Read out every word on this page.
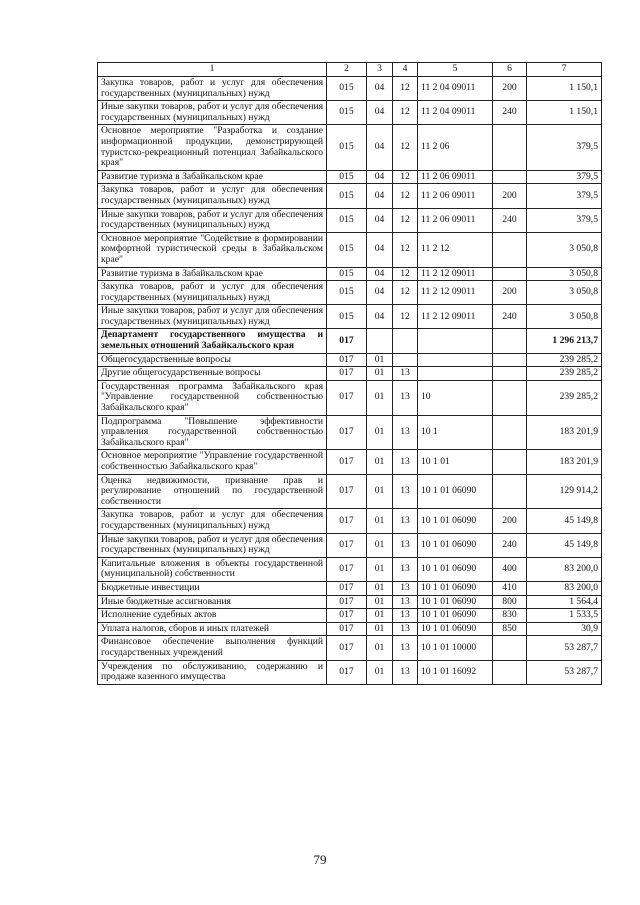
1	2	3	4	5	6	7
Закупка товаров, работ и услуг для обеспечения государственных (муниципальных) нужд	015	04	12	11 2 04 09011	200	1 150,1
Иные закупки товаров, работ и услуг для обеспечения государственных (муниципальных) нужд	015	04	12	11 2 04 09011	240	1 150,1
Основное мероприятие "Разработка и создание информационной продукции, демонстрирующей туристско-рекреационный потенциал Забайкальского края"	015	04	12	11 2 06		379,5
Развитие туризма в Забайкальском крае	015	04	12	11 2 06 09011		379,5
Закупка товаров, работ и услуг для обеспечения государственных (муниципальных) нужд	015	04	12	11 2 06 09011	200	379,5
Иные закупки товаров, работ и услуг для обеспечения государственных (муниципальных) нужд	015	04	12	11 2 06 09011	240	379,5
Основное мероприятие "Содействие в формировании комфортной туристической среды в Забайкальском крае"	015	04	12	11 2 12		3 050,8
Развитие туризма в Забайкальском крае	015	04	12	11 2 12 09011		3 050,8
Закупка товаров, работ и услуг для обеспечения государственных (муниципальных) нужд	015	04	12	11 2 12 09011	200	3 050,8
Иные закупки товаров, работ и услуг для обеспечения государственных (муниципальных) нужд	015	04	12	11 2 12 09011	240	3 050,8
Департамент государственного имущества и земельных отношений Забайкальского края	017					1 296 213,7
Общегосударственные вопросы	017	01				239 285,2
Другие общегосударственные вопросы	017	01	13			239 285,2
Государственная программа Забайкальского края "Управление государственной собственностью Забайкальского края"	017	01	13	10		239 285,2
Подпрограмма "Повышение эффективности управления государственной собственностью Забайкальского края"	017	01	13	10 1		183 201,9
Основное мероприятие "Управление государственной собственностью Забайкальского края"	017	01	13	10 1 01		183 201,9
Оценка недвижимости, признание прав и регулирование отношений по государственной собственности	017	01	13	10 1 01 06090		129 914,2
Закупка товаров, работ и услуг для обеспечения государственных (муниципальных) нужд	017	01	13	10 1 01 06090	200	45 149,8
Иные закупки товаров, работ и услуг для обеспечения государственных (муниципальных) нужд	017	01	13	10 1 01 06090	240	45 149,8
Капитальные вложения в объекты государственной (муниципальной) собственности	017	01	13	10 1 01 06090	400	83 200,0
Бюджетные инвестиции	017	01	13	10 1 01 06090	410	83 200,0
Иные бюджетные ассигнования	017	01	13	10 1 01 06090	800	1 564,4
Исполнение судебных актов	017	01	13	10 1 01 06090	830	1 533,5
Уплата налогов, сборов и иных платежей	017	01	13	10 1 01 06090	850	30,9
Финансовое обеспечение выполнения функций государственных учреждений	017	01	13	10 1 01 10000		53 287,7
Учреждения по обслуживанию, содержанию и продаже казенного имущества	017	01	13	10 1 01 16092		53 287,7
79
